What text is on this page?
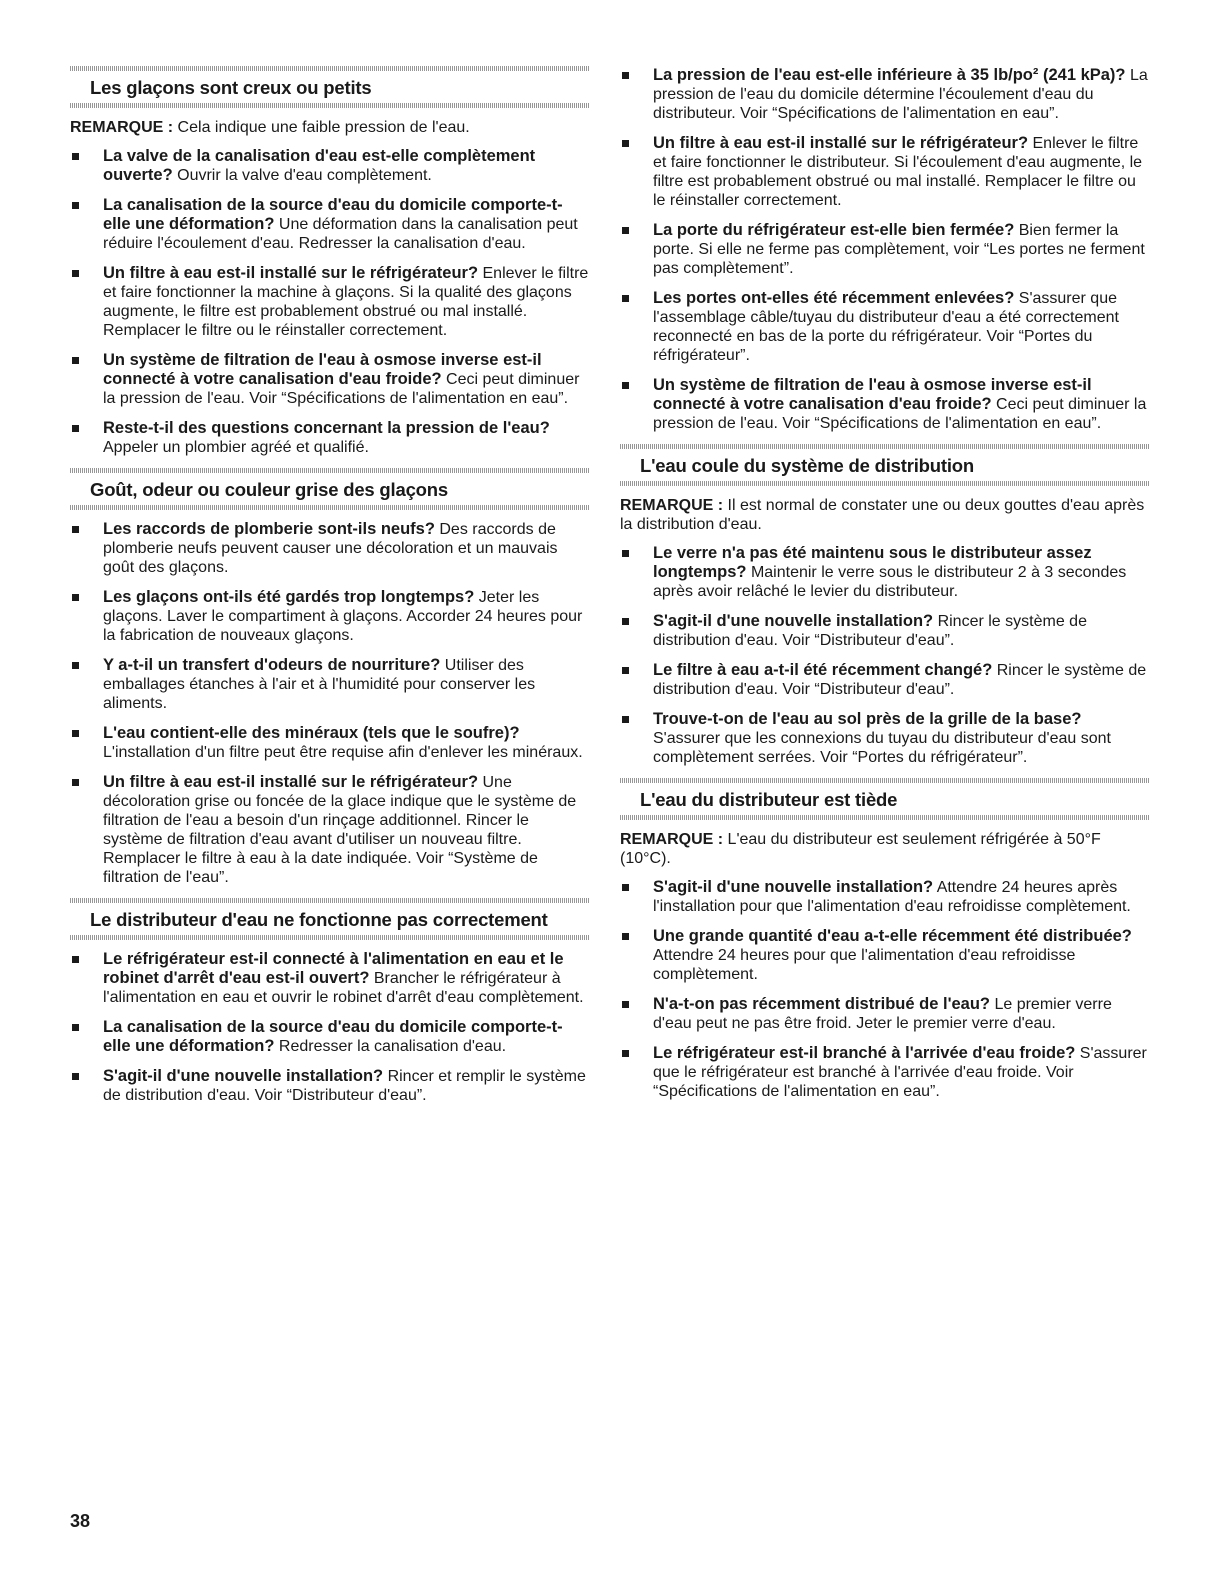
Les glaçons sont creux ou petits
REMARQUE : Cela indique une faible pression de l'eau.
La valve de la canalisation d'eau est-elle complètement ouverte? Ouvrir la valve d'eau complètement.
La canalisation de la source d'eau du domicile comporte-t-elle une déformation? Une déformation dans la canalisation peut réduire l'écoulement d'eau. Redresser la canalisation d'eau.
Un filtre à eau est-il installé sur le réfrigérateur? Enlever le filtre et faire fonctionner la machine à glaçons. Si la qualité des glaçons augmente, le filtre est probablement obstrué ou mal installé. Remplacer le filtre ou le réinstaller correctement.
Un système de filtration de l'eau à osmose inverse est-il connecté à votre canalisation d'eau froide? Ceci peut diminuer la pression de l'eau. Voir “Spécifications de l'alimentation en eau”.
Reste-t-il des questions concernant la pression de l'eau? Appeler un plombier agréé et qualifié.
Goût, odeur ou couleur grise des glaçons
Les raccords de plomberie sont-ils neufs? Des raccords de plomberie neufs peuvent causer une décoloration et un mauvais goût des glaçons.
Les glaçons ont-ils été gardés trop longtemps? Jeter les glaçons. Laver le compartiment à glaçons. Accorder 24 heures pour la fabrication de nouveaux glaçons.
Y a-t-il un transfert d'odeurs de nourriture? Utiliser des emballages étanches à l'air et à l'humidité pour conserver les aliments.
L'eau contient-elle des minéraux (tels que le soufre)? L'installation d'un filtre peut être requise afin d'enlever les minéraux.
Un filtre à eau est-il installé sur le réfrigérateur? Une décoloration grise ou foncée de la glace indique que le système de filtration de l'eau a besoin d'un rinçage additionnel. Rincer le système de filtration d'eau avant d'utiliser un nouveau filtre. Remplacer le filtre à eau à la date indiquée. Voir “Système de filtration de l'eau”.
Le distributeur d'eau ne fonctionne pas correctement
Le réfrigérateur est-il connecté à l'alimentation en eau et le robinet d'arrêt d'eau est-il ouvert? Brancher le réfrigérateur à l'alimentation en eau et ouvrir le robinet d'arrêt d'eau complètement.
La canalisation de la source d'eau du domicile comporte-t-elle une déformation? Redresser la canalisation d'eau.
S'agit-il d'une nouvelle installation? Rincer et remplir le système de distribution d'eau. Voir “Distributeur d'eau”.
La pression de l'eau est-elle inférieure à 35 lb/po² (241 kPa)? La pression de l'eau du domicile détermine l'écoulement d'eau du distributeur. Voir “Spécifications de l'alimentation en eau”.
Un filtre à eau est-il installé sur le réfrigérateur? Enlever le filtre et faire fonctionner le distributeur. Si l'écoulement d'eau augmente, le filtre est probablement obstrué ou mal installé. Remplacer le filtre ou le réinstaller correctement.
La porte du réfrigérateur est-elle bien fermée? Bien fermer la porte. Si elle ne ferme pas complètement, voir “Les portes ne ferment pas complètement”.
Les portes ont-elles été récemment enlevées? S'assurer que l'assemblage câble/tuyau du distributeur d'eau a été correctement reconnecté en bas de la porte du réfrigérateur. Voir “Portes du réfrigérateur”.
Un système de filtration de l'eau à osmose inverse est-il connecté à votre canalisation d'eau froide? Ceci peut diminuer la pression de l'eau. Voir “Spécifications de l'alimentation en eau”.
L'eau coule du système de distribution
REMARQUE : Il est normal de constater une ou deux gouttes d'eau après la distribution d'eau.
Le verre n'a pas été maintenu sous le distributeur assez longtemps? Maintenir le verre sous le distributeur 2 à 3 secondes après avoir relâché le levier du distributeur.
S'agit-il d'une nouvelle installation? Rincer le système de distribution d'eau. Voir “Distributeur d'eau”.
Le filtre à eau a-t-il été récemment changé? Rincer le système de distribution d'eau. Voir “Distributeur d'eau”.
Trouve-t-on de l'eau au sol près de la grille de la base? S'assurer que les connexions du tuyau du distributeur d'eau sont complètement serrées. Voir “Portes du réfrigérateur”.
L'eau du distributeur est tiède
REMARQUE : L'eau du distributeur est seulement réfrigérée à 50°F (10°C).
S'agit-il d'une nouvelle installation? Attendre 24 heures après l'installation pour que l'alimentation d'eau refroidisse complètement.
Une grande quantité d'eau a-t-elle récemment été distribuée? Attendre 24 heures pour que l'alimentation d'eau refroidisse complètement.
N'a-t-on pas récemment distribué de l'eau? Le premier verre d'eau peut ne pas être froid. Jeter le premier verre d'eau.
Le réfrigérateur est-il branché à l'arrivée d'eau froide? S'assurer que le réfrigérateur est branché à l'arrivée d'eau froide. Voir “Spécifications de l'alimentation en eau”.
38
